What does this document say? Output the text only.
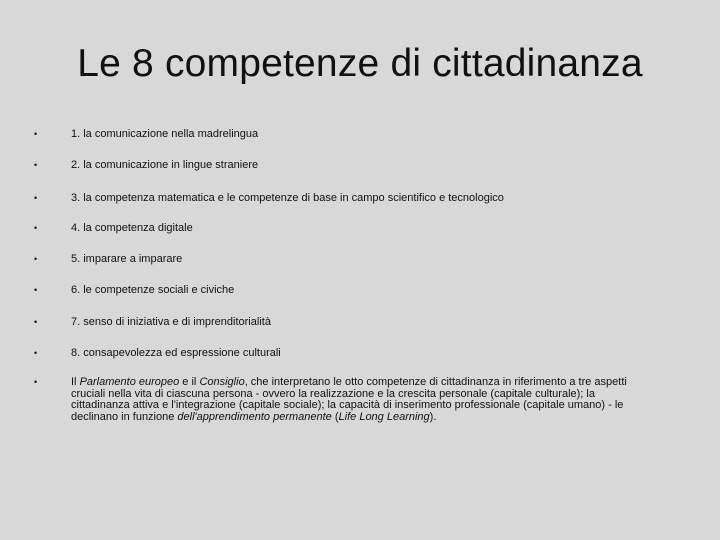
Le 8 competenze di cittadinanza
•	1. la comunicazione nella madrelingua
•	2. la comunicazione in lingue straniere
•	3. la competenza matematica e le competenze di base in campo scientifico e tecnologico
•	4. la competenza digitale
•	5. imparare a imparare
•	6. le competenze sociali e civiche
•	7. senso di iniziativa e di imprenditorialità
•	8. consapevolezza ed espressione culturali
•	Il Parlamento europeo e il Consiglio, che interpretano le otto competenze di cittadinanza in riferimento a tre aspetti cruciali nella vita di ciascuna persona - ovvero la realizzazione e la crescita personale (capitale culturale); la cittadinanza attiva e l'integrazione (capitale sociale); la capacità di inserimento professionale (capitale umano) - le declinano in funzione dell'apprendimento permanente (Life Long Learning).
